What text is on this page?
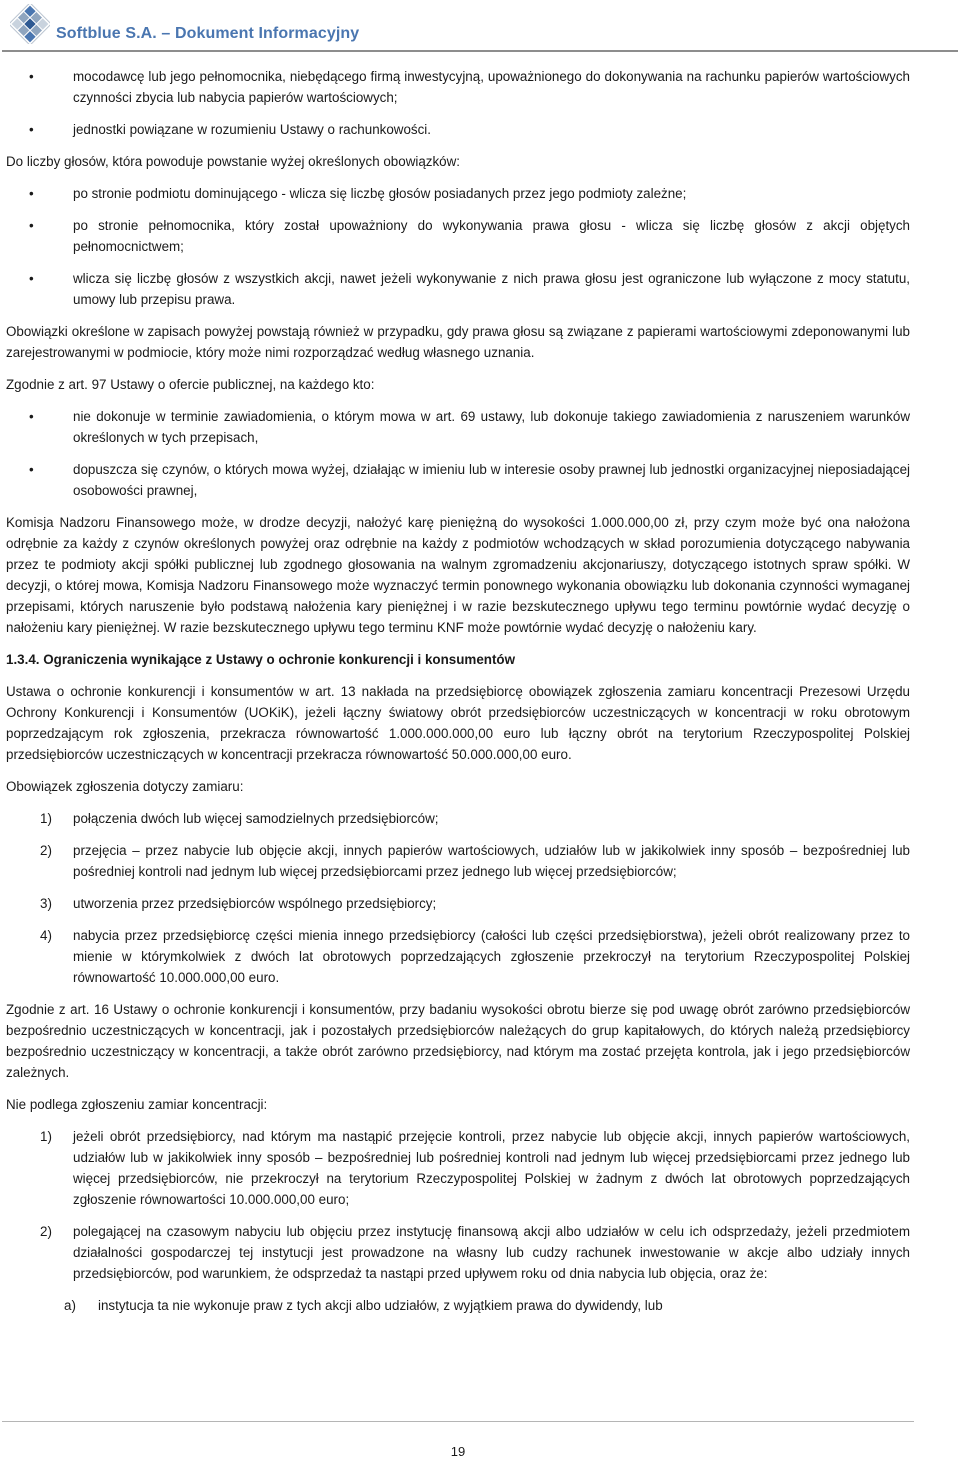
Softblue S.A. – Dokument Informacyjny
•	mocodawcę lub jego pełnomocnika, niebędącego firmą inwestycyjną, upoważnionego do dokonywania na rachunku papierów wartościowych czynności zbycia lub nabycia papierów wartościowych;
•	jednostki powiązane w rozumieniu Ustawy o rachunkowości.

Do liczby głosów, która powoduje powstanie wyżej określonych obowiązków:

•	po stronie podmiotu dominującego - wlicza się liczbę głosów posiadanych przez jego podmioty zależne;
•	po stronie pełnomocnika, który został upoważniony do wykonywania prawa głosu - wlicza się liczbę głosów z akcji objętych pełnomocnictwem;
•	wlicza się liczbę głosów z wszystkich akcji, nawet jeżeli wykonywanie z nich prawa głosu jest ograniczone lub wyłączone z mocy statutu, umowy lub przepisu prawa.

Obowiązki określone w zapisach powyżej powstają również w przypadku, gdy prawa głosu są związane z papierami wartościowymi zdeponowanymi lub zarejestrowanymi w podmiocie, który może nimi rozporządzać według własnego uznania.

Zgodnie z art. 97 Ustawy o ofercie publicznej, na każdego kto:

•	nie dokonuje w terminie zawiadomienia, o którym mowa w art. 69 ustawy, lub dokonuje takiego zawiadomienia z naruszeniem warunków określonych w tych przepisach,
•	dopuszcza się czynów, o których mowa wyżej, działając w imieniu lub w interesie osoby prawnej lub jednostki organizacyjnej nieposiadającej osobowości prawnej,

Komisja Nadzoru Finansowego może, w drodze decyzji, nałożyć karę pieniężną do wysokości 1.000.000,00 zł, przy czym może być ona nałożona odrębnie za każdy z czynów określonych powyżej oraz odrębnie na każdy z podmiotów wchodzących w skład porozumienia dotyczącego nabywania przez te podmioty akcji spółki publicznej lub zgodnego głosowania na walnym zgromadzeniu akcjonariuszy, dotyczącego istotnych spraw spółki. W decyzji, o której mowa, Komisja Nadzoru Finansowego może wyznaczyć termin ponownego wykonania obowiązku lub dokonania czynności wymaganej przepisami, których naruszenie było podstawą nałożenia kary pieniężnej i w razie bezskutecznego upływu tego terminu powtórnie wydać decyzję o nałożeniu kary pieniężnej. W razie bezskutecznego upływu tego terminu KNF może powtórnie wydać decyzję o nałożeniu kary.

1.3.4. Ograniczenia wynikające z Ustawy o ochronie konkurencji i konsumentów

Ustawa o ochronie konkurencji i konsumentów w art. 13 nakłada na przedsiębiorcę obowiązek zgłoszenia zamiaru koncentracji Prezesowi Urzędu Ochrony Konkurencji i Konsumentów (UOKiK), jeżeli łączny światowy obrót przedsiębiorców uczestniczących w koncentracji w roku obrotowym poprzedzającym rok zgłoszenia, przekracza równowartość 1.000.000.000,00 euro lub łączny obrót na terytorium Rzeczypospolitej Polskiej przedsiębiorców uczestniczących w koncentracji przekracza równowartość 50.000.000,00 euro.

Obowiązek zgłoszenia dotyczy zamiaru:

1) połączenia dwóch lub więcej samodzielnych przedsiębiorców;
2) przejęcia – przez nabycie lub objęcie akcji, innych papierów wartościowych, udziałów lub w jakikolwiek inny sposób – bezpośredniej lub pośredniej kontroli nad jednym lub więcej przedsiębiorcami przez jednego lub więcej przedsiębiorców;
3) utworzenia przez przedsiębiorców wspólnego przedsiębiorcy;
4) nabycia przez przedsiębiorcę części mienia innego przedsiębiorcy (całości lub części przedsiębiorstwa), jeżeli obrót realizowany przez to mienie w którymkolwiek z dwóch lat obrotowych poprzedzających zgłoszenie przekroczył na terytorium Rzeczypospolitej Polskiej równowartość 10.000.000,00 euro.

Zgodnie z art. 16 Ustawy o ochronie konkurencji i konsumentów, przy badaniu wysokości obrotu bierze się pod uwagę obrót zarówno przedsiębiorców bezpośrednio uczestniczących w koncentracji, jak i pozostałych przedsiębiorców należących do grup kapitałowych, do których należą przedsiębiorcy bezpośrednio uczestniczący w koncentracji, a także obrót zarówno przedsiębiorcy, nad którym ma zostać przejęta kontrola, jak i jego przedsiębiorców zależnych.

Nie podlega zgłoszeniu zamiar koncentracji:

1) jeżeli obrót przedsiębiorcy, nad którym ma nastąpić przejęcie kontroli, przez nabycie lub objęcie akcji, innych papierów wartościowych, udziałów lub w jakikolwiek inny sposób – bezpośredniej lub pośredniej kontroli nad jednym lub więcej przedsiębiorcami przez jednego lub więcej przedsiębiorców, nie przekroczył na terytorium Rzeczypospolitej Polskiej w żadnym z dwóch lat obrotowych poprzedzających zgłoszenie równowartości 10.000.000,00 euro;
2) polegającej na czasowym nabyciu lub objęciu przez instytucję finansową akcji albo udziałów w celu ich odsprzedaży, jeżeli przedmiotem działalności gospodarczej tej instytucji jest prowadzone na własny lub cudzy rachunek inwestowanie w akcje albo udziały innych przedsiębiorców, pod warunkiem, że odsprzedaż ta nastąpi przed upływem roku od dnia nabycia lub objęcia, oraz że:
a) instytucja ta nie wykonuje praw z tych akcji albo udziałów, z wyjątkiem prawa do dywidendy, lub
19
